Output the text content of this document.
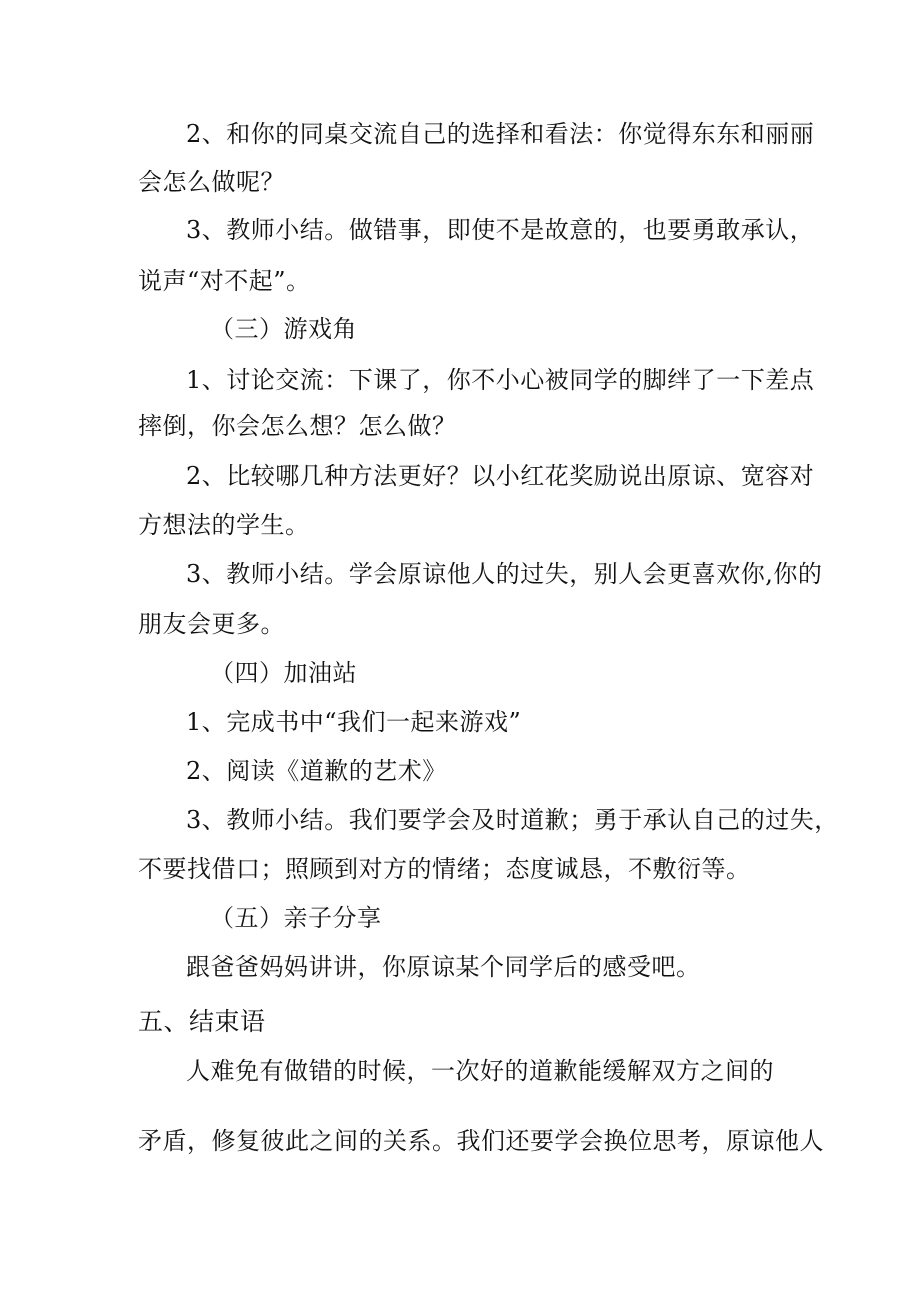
2、和你的同桌交流自己的选择和看法：你觉得东东和丽丽
会怎么做呢？
3、教师小结。做错事，即使不是故意的，也要勇敢承认，
说声“对不起”。
（三）游戏角
1、讨论交流：下课了，你不小心被同学的脚绊了一下差点
摔倒，你会怎么想？怎么做？
2、比较哪几种方法更好？以小红花奖励说出原谅、宽容对
方想法的学生。
3、教师小结。学会原谅他人的过失，别人会更喜欢你,你的
朋友会更多。
（四）加油站
1、完成书中“我们一起来游戏”
2、阅读《道歉的艺术》
3、教师小结。我们要学会及时道歉；勇于承认自己的过失，
不要找借口；照顾到对方的情绪；态度诚恳，不敷衍等。
（五）亲子分享
跟爸爸妈妈讲讲，你原谅某个同学后的感受吧。
五、结束语
人难免有做错的时候，一次好的道歉能缓解双方之间的
矛盾，修复彼此之间的关系。我们还要学会换位思考，原谅他人
